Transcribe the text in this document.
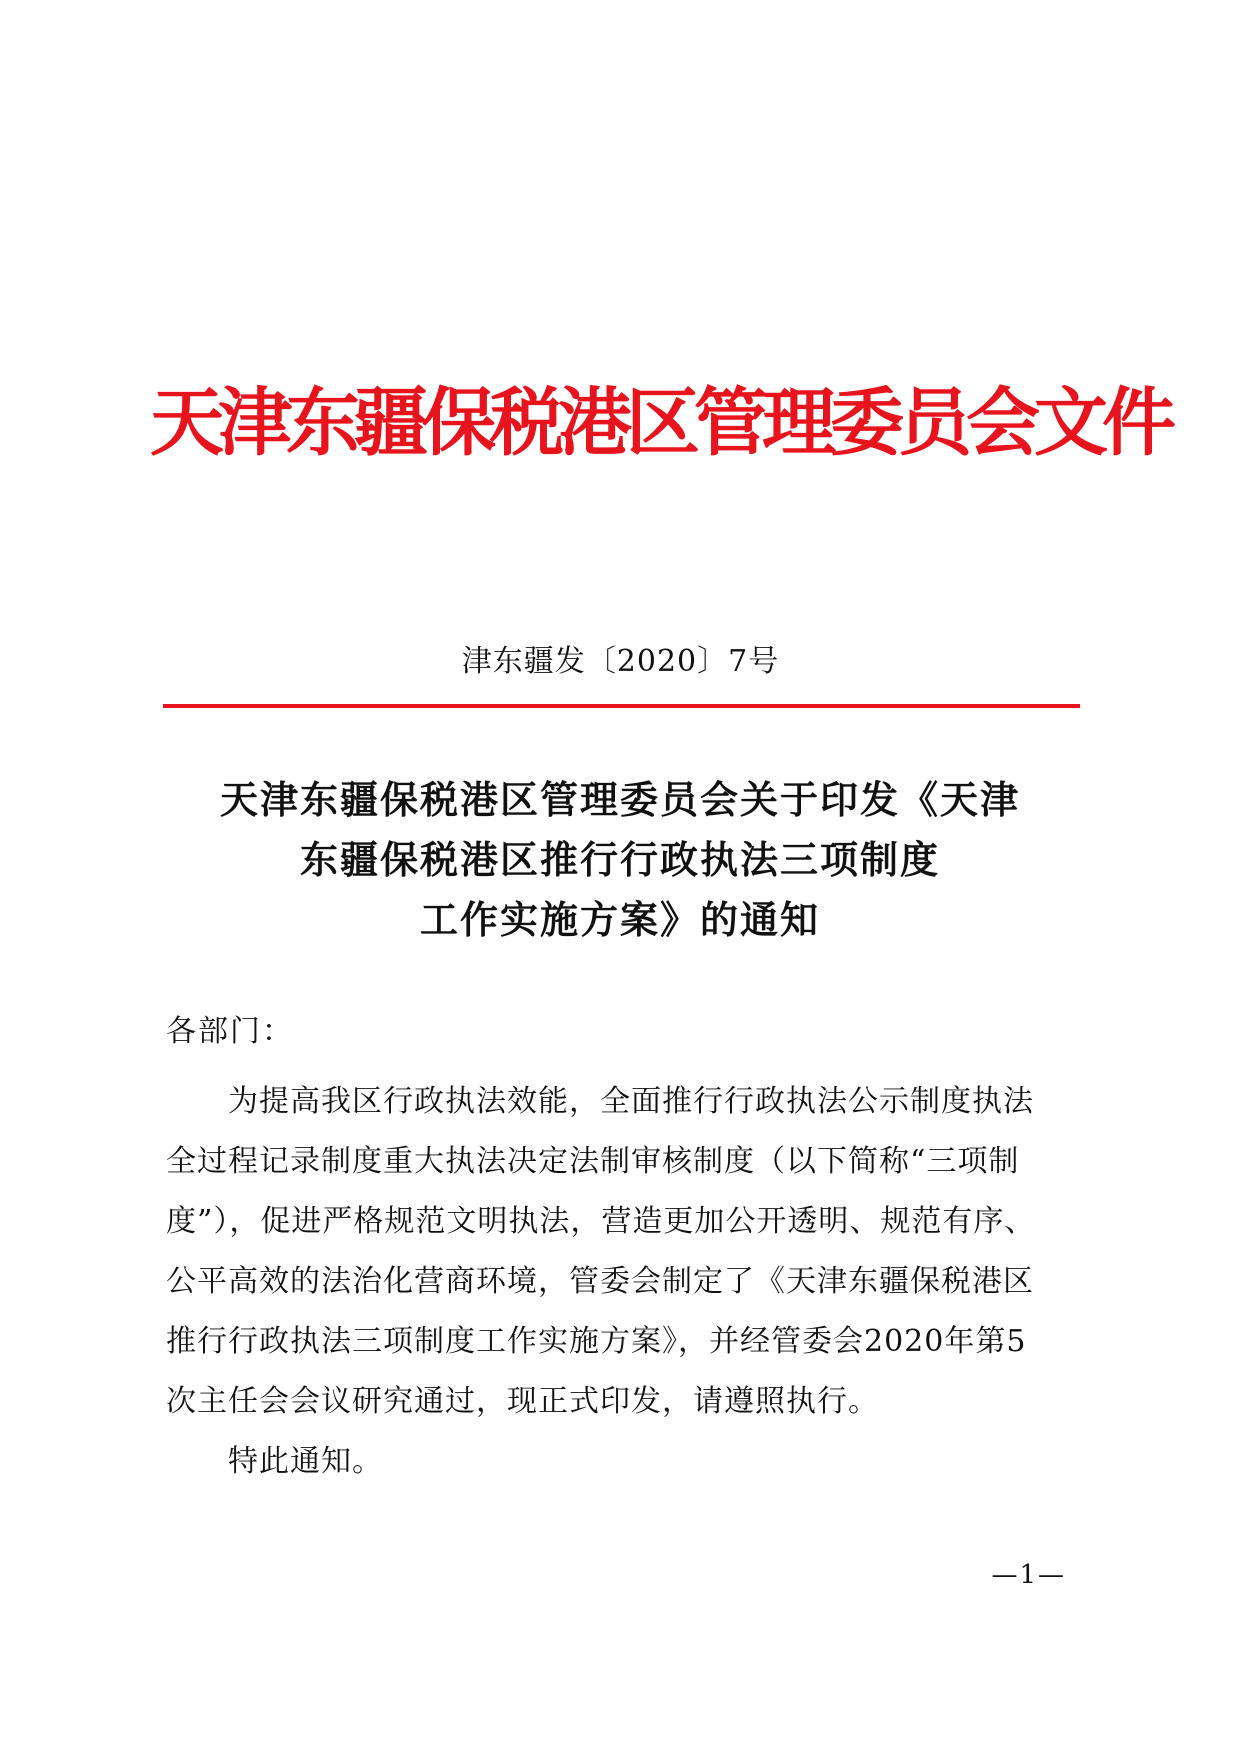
天津东疆保税港区管理委员会文件
津东疆发〔2020〕7号
天津东疆保税港区管理委员会关于印发《天津
东疆保税港区推行行政执法三项制度
工作实施方案》的通知
各部门：
为提高我区行政执法效能，全面推行行政执法公示制度执法
全过程记录制度重大执法决定法制审核制度（以下简称“三项制
度”），促进严格规范文明执法，营造更加公开透明、规范有序、
公平高效的法治化营商环境，管委会制定了《天津东疆保税港区
推行行政执法三项制度工作实施方案》，并经管委会2020年第5
次主任会会议研究通过，现正式印发，请遵照执行。
特此通知。
—1—
